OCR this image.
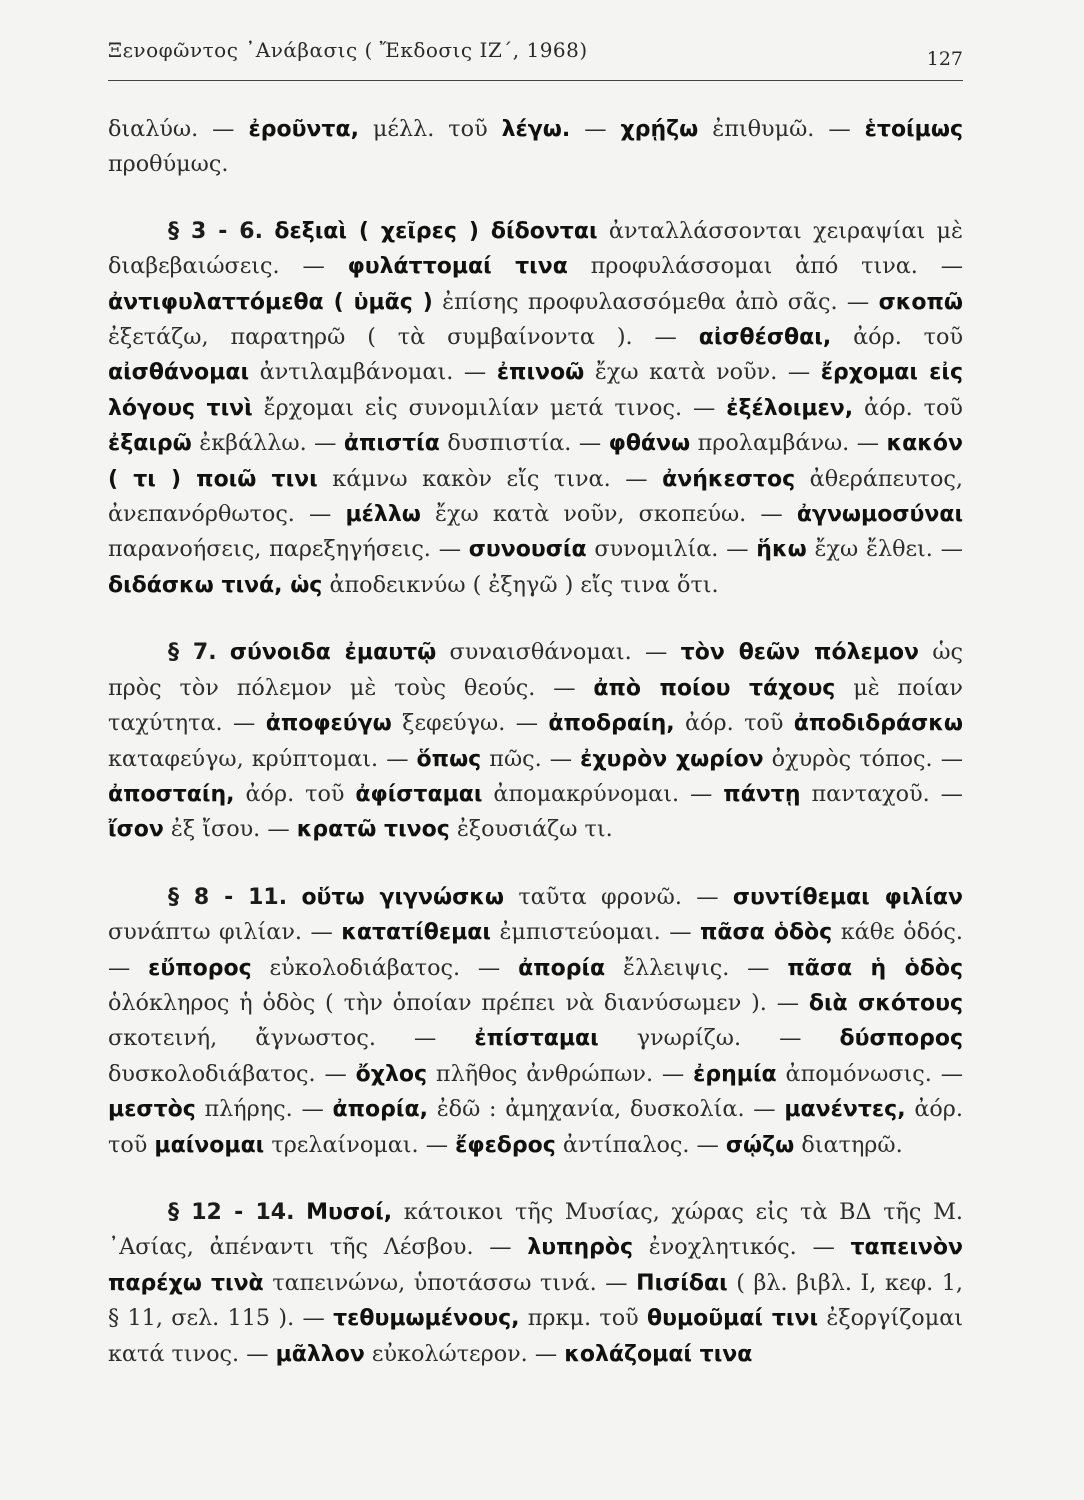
Ξενοφῶντος ᾿Ανάβασις ( Ἔκδοσις ΙΖ΄, 1968)	127

διαλύω. — ἐροῦντα, μέλλ. τοῦ λέγω. — χρῄζω ἐπιθυμῶ. — ἑτοίμως προθύμως.

§ 3 - 6. δεξιαὶ ( χεῖρες ) δίδονται ἀνταλλάσσονται χειραψίαι μὲ διαβεβαιώσεις. — φυλάττομαί τινα προφυλάσσομαι ἀπό τινα. — ἀντιφυλαττόμεθα ( ὑμᾶς ) ἐπίσης προφυλασσόμεθα ἀπὸ σᾶς. — σκοπῶ ἐξετάζω, παρατηρῶ ( τὰ συμβαίνοντα ). — αἰσθέσθαι, ἀόρ. τοῦ αἰσθάνομαι ἀντιλαμβάνομαι. — ἐπινοῶ ἔχω κατὰ νοῦν. — ἔρχομαι εἰς λόγους τινὶ ἔρχομαι εἰς συνομιλίαν μετά τινος. — ἐξέλοιμεν, ἀόρ. τοῦ ἐξαιρῶ ἐκβάλλω. — ἀπιστία δυσπιστία. — φθάνω προλαμβάνω. — κακόν ( τι ) ποιῶ τινι κάμνω κακὸν εἴς τινα. — ἀνήκεστος ἀθεράπευτος, ἀνεπανόρθωτος. — μέλλω ἔχω κατὰ νοῦν, σκοπεύω. — ἀγνωμοσύναι παρανοήσεις, παρεξηγήσεις. — συνουσία συνομιλία. — ἥκω ἔχω ἔλθει. — διδάσκω τινά, ὡς ἀποδεικνύω ( ἐξηγῶ ) εἴς τινα ὅτι.

§ 7. σύνοιδα ἐμαυτῷ συναισθάνομαι. — τὸν θεῶν πόλεμον ὡς πρὸς τὸν πόλεμον μὲ τοὺς θεούς. — ἀπὸ ποίου τάχους μὲ ποίαν ταχύτητα. — ἀποφεύγω ξεφεύγω. — ἀποδραίη, ἀόρ. τοῦ ἀποδιδράσκω καταφεύγω, κρύπτομαι. — ὅπως πῶς. — ἐχυρὸν χωρίον ὀχυρὸς τόπος. — ἀποσταίη, ἀόρ. τοῦ ἀφίσταμαι ἀπομακρύνομαι. — πάντῃ πανταχοῦ. — ἴσον ἐξ ἴσου. — κρατῶ τινος ἐξουσιάζω τι.

§ 8 - 11. οὕτω γιγνώσκω ταῦτα φρονῶ. — συντίθεμαι φιλίαν συνάπτω φιλίαν. — κατατίθεμαι ἐμπιστεύομαι. — πᾶσα ὁδὸς κάθε ὁδός. — εὔπορος εὐκολοδιάβατος. — ἀπορία ἔλλειψις. — πᾶσα ἡ ὁδὸς ὁλόκληρος ἡ ὁδὸς ( τὴν ὁποίαν πρέπει νὰ διανύσωμεν ). — διὰ σκότους σκοτεινή, ἄγνωστος. — ἐπίσταμαι γνωρίζω. — δύσπορος δυσκολοδιάβατος. — ὄχλος πλῆθος ἀνθρώπων. — ἐρημία ἀπομόνωσις. — μεστὸς πλήρης. — ἀπορία, ἐδῶ : ἀμηχανία, δυσκολία. — μανέντες, ἀόρ. τοῦ μαίνομαι τρελαίνομαι. — ἔφεδρος ἀντίπαλος. — σῴζω διατηρῶ.

§ 12 - 14. Μυσοί, κάτοικοι τῆς Μυσίας, χώρας εἰς τὰ ΒΔ τῆς Μ. ᾿Ασίας, ἀπέναντι τῆς Λέσβου. — λυπηρὸς ἐνοχλητικός. — ταπεινὸν παρέχω τινὰ ταπεινώνω, ὑποτάσσω τινά. — Πισίδαι ( βλ. βιβλ. Ι, κεφ. 1, § 11, σελ. 115 ). — τεθυμωμένους, πρκμ. τοῦ θυμοῦμαί τινι ἐξοργίζομαι κατά τινος. — μᾶλλον εὐκολώτερον. — κολάζομαί τινα
